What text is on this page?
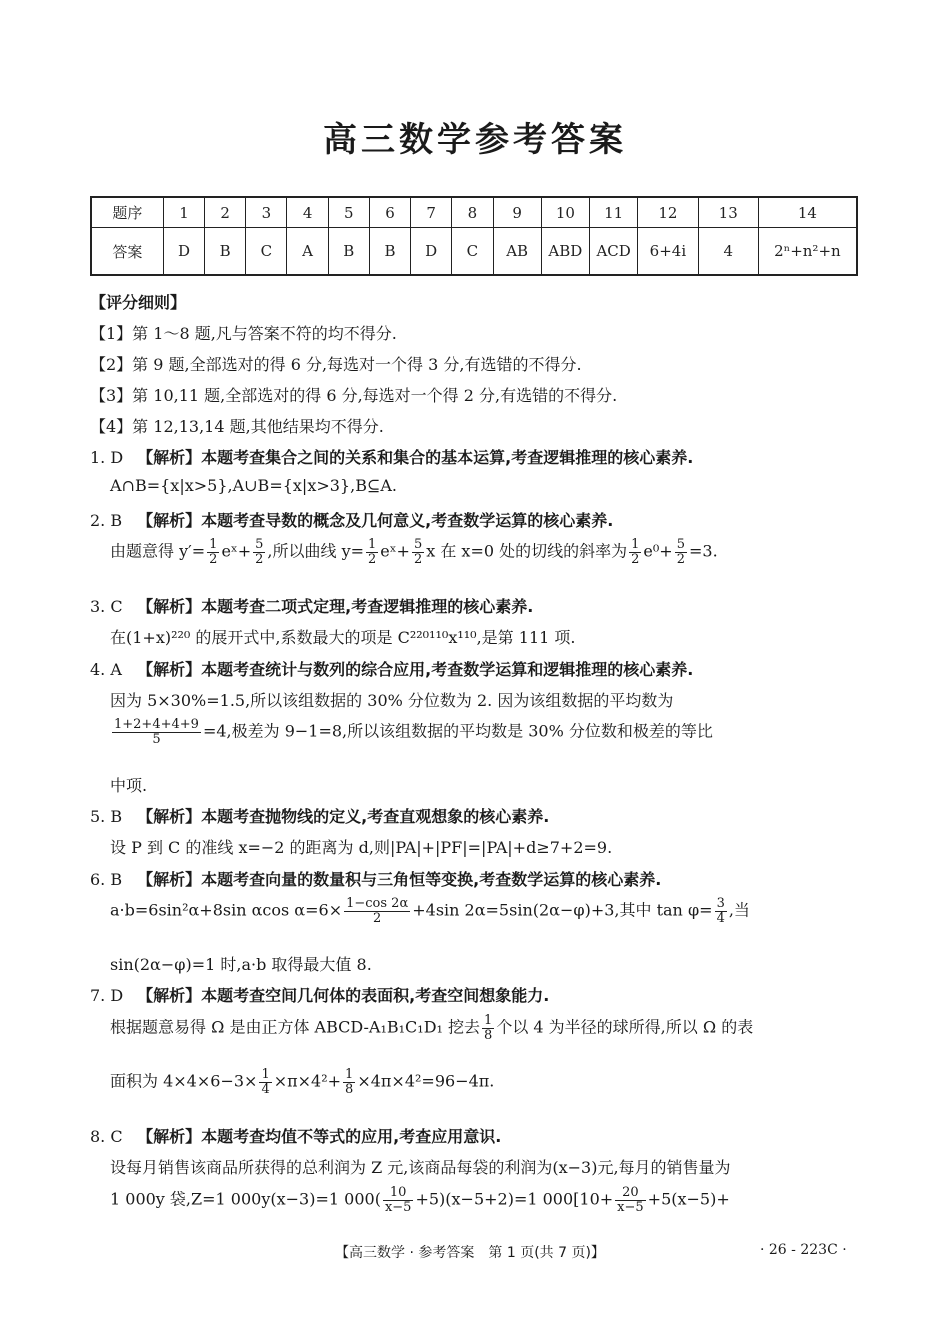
高三数学参考答案
题序	1	2	3	4	5	6	7	8	9	10	11	12	13	14
答案	D	B	C	A	B	B	D	C	AB	ABD	ACD	6+4i	4	2ⁿ+n²+n
【评分细则】
【1】第 1～8 题,凡与答案不符的均不得分.
【2】第 9 题,全部选对的得 6 分,每选对一个得 3 分,有选错的不得分.
【3】第 10,11 题,全部选对的得 6 分,每选对一个得 2 分,有选错的不得分.
【4】第 12,13,14 题,其他结果均不得分.
1. D 【解析】本题考查集合之间的关系和集合的基本运算,考查逻辑推理的核心素养.
A∩B={x|x>5},A∪B={x|x>3},B⊆A.
2. B 【解析】本题考查导数的概念及几何意义,考查数学运算的核心素养.
由题意得 $y'= \frac{1}{2}$ eˣ+ $\frac{5}{2}$ ,所以曲线 $y= \frac{1}{2}$ eˣ+ $\frac{5}{2}$ x 在 x=0 处的切线的斜率为 $\frac{1}{2} e^0+ \frac{5}{2} =3$.
3. C 【解析】本题考查二项式定理,考查逻辑推理的核心素养.
在(1+x)²²⁰ 的展开式中,系数最大的项是 C²²⁰¹¹⁰x¹¹⁰,是第 111 项.
4. A 【解析】本题考查统计与数列的综合应用,考查数学运算和逻辑推理的核心素养.
因为 5×30%=1.5,所以该组数据的 30% 分位数为 2. 因为该组数据的平均数为
$\frac{1+2+4+4+9}{5} =4$,极差为 9−1=8,所以该组数据的平均数是 30% 分位数和极差的等比
中项.
5. B 【解析】本题考查抛物线的定义,考查直观想象的核心素养.
设 P 到 C 的准线 x=−2 的距离为 d,则|PA|+|PF|=|PA|+d≥7+2=9.
6. B 【解析】本题考查向量的数量积与三角恒等变换,考查数学运算的核心素养.
a·b=6sin²α+8sin αcos $\alpha=6\times \frac{1-\cos 2\alpha}{2} +4\sin$ 2α=5sin(2α−φ)+3,其中 $\tan \varphi= \frac{3}{4}$ ,当
sin(2α−φ)=1 时,a·b 取得最大值 8.
7. D 【解析】本题考查空间几何体的表面积,考查空间想象能力.
根据题意易得 Ω 是由正方体 ABCD-A₁B₁C₁D₁ 挖去 $\frac{1}{8}$ 个以 4 为半径的球所得,所以 Ω 的表
面积为 $4\times 4\times 6-3\times \frac{1}{4} \times\pi\times 4^2+ \frac{1}{8} \times 4\pi\times 4^2=96-4\pi$.
8. C 【解析】本题考查均值不等式的应用,考查应用意识.
设每月销售该商品所获得的总利润为 Z 元,该商品每袋的利润为(x−3)元,每月的销售量为
1 000y 袋,Z=1 000y(x−3)=1 $000( \frac{10}{x-5} +5)(x-5+2)=1$ $000[10+ \frac{20}{x-5} +5(x-5)+$
【高三数学 · 参考答案　第 1 页(共 7 页)】	· 26 - 223C ·
